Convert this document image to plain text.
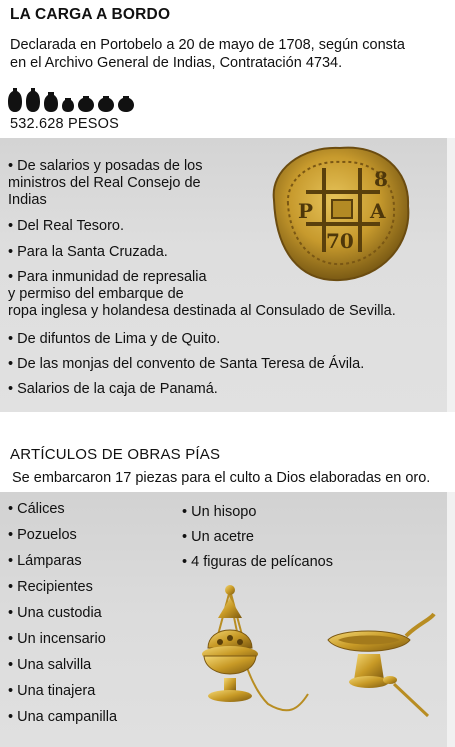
LA CARGA A BORDO
Declarada en Portobelo a 20 de mayo de 1708, según consta
en el Archivo General de Indias, Contratación 4734.
532.628 PESOS
8
P	A
70
• De salarios y posadas de los
ministros del Real Consejo de
Indias
• Del Real Tesoro.
• Para la Santa Cruzada.
• Para inmunidad de represalia
y permiso del embarque de
ropa inglesa y holandesa destinada al Consulado de Sevilla.
• De difuntos de Lima y de Quito.
• De las monjas del convento de Santa Teresa de Ávila.
• Salarios de la caja de Panamá.
ARTÍCULOS DE OBRAS PÍAS
Se embarcaron 17 piezas para el culto a Dios elaboradas en oro.
• Cálices
• Pozuelos
• Lámparas
• Recipientes
• Una custodia
• Un incensario
• Una salvilla
• Una tinajera
• Una campanilla
• Un hisopo
• Un acetre
• 4 figuras de pelícanos
